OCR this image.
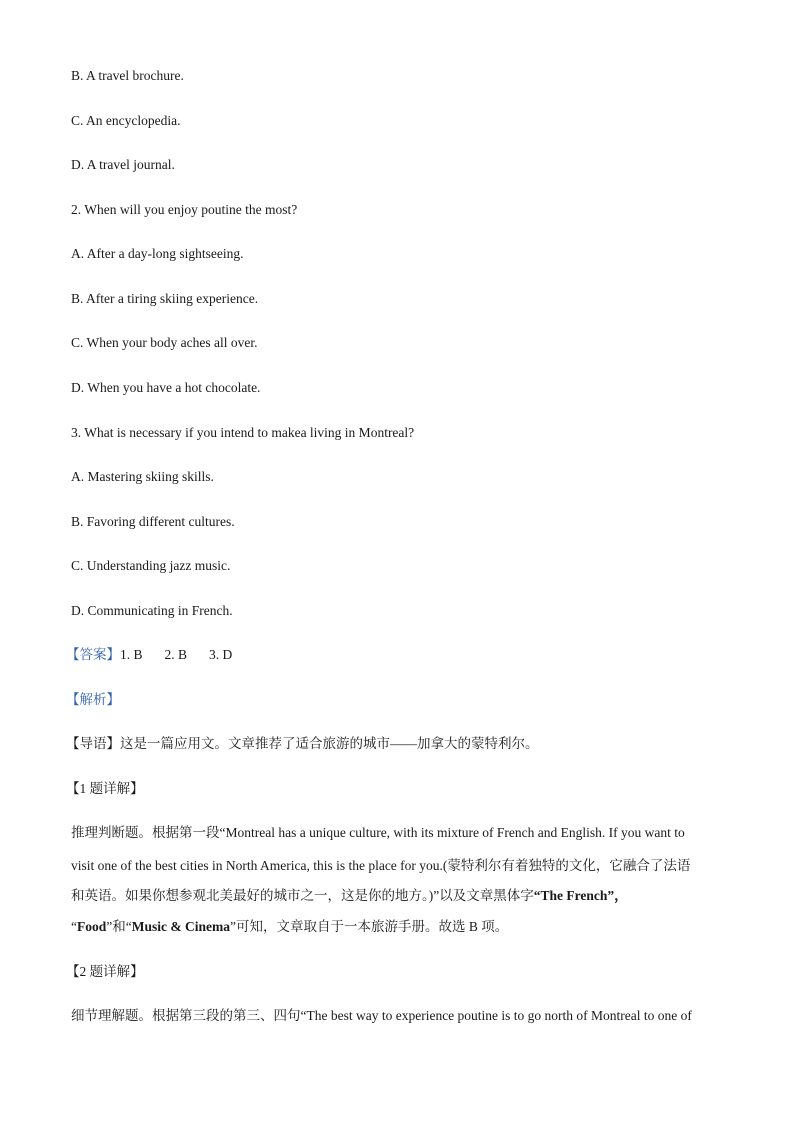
B. A travel brochure.
C. An encyclopedia.
D. A travel journal.
2. When will you enjoy poutine the most?
A. After a day-long sightseeing.
B. After a tiring skiing experience.
C. When your body aches all over.
D. When you have a hot chocolate.
3. What is necessary if you intend to makea living in Montreal?
A. Mastering skiing skills.
B. Favoring different cultures.
C. Understanding jazz music.
D. Communicating in French.
【答案】1. B 2. B 3. D
【解析】
【导语】这是一篇应用文。文章推荐了适合旅游的城市——加拿大的蒙特利尔。
【1 题详解】
推理判断题。根据第一段“Montreal has a unique culture, with its mixture of French and English. If you want to
visit one of the best cities in North America, this is the place for you.(蒙特利尔有着独特的文化，它融合了法语
和英语。如果你想参观北美最好的城市之一，这是你的地方。)”以及文章黑体字“The French”，
“Food”和“Music & Cinema”可知，文章取自于一本旅游手册。故选 B 项。
【2 题详解】
细节理解题。根据第三段的第三、四句“The best way to experience poutine is to go north of Montreal to one of
